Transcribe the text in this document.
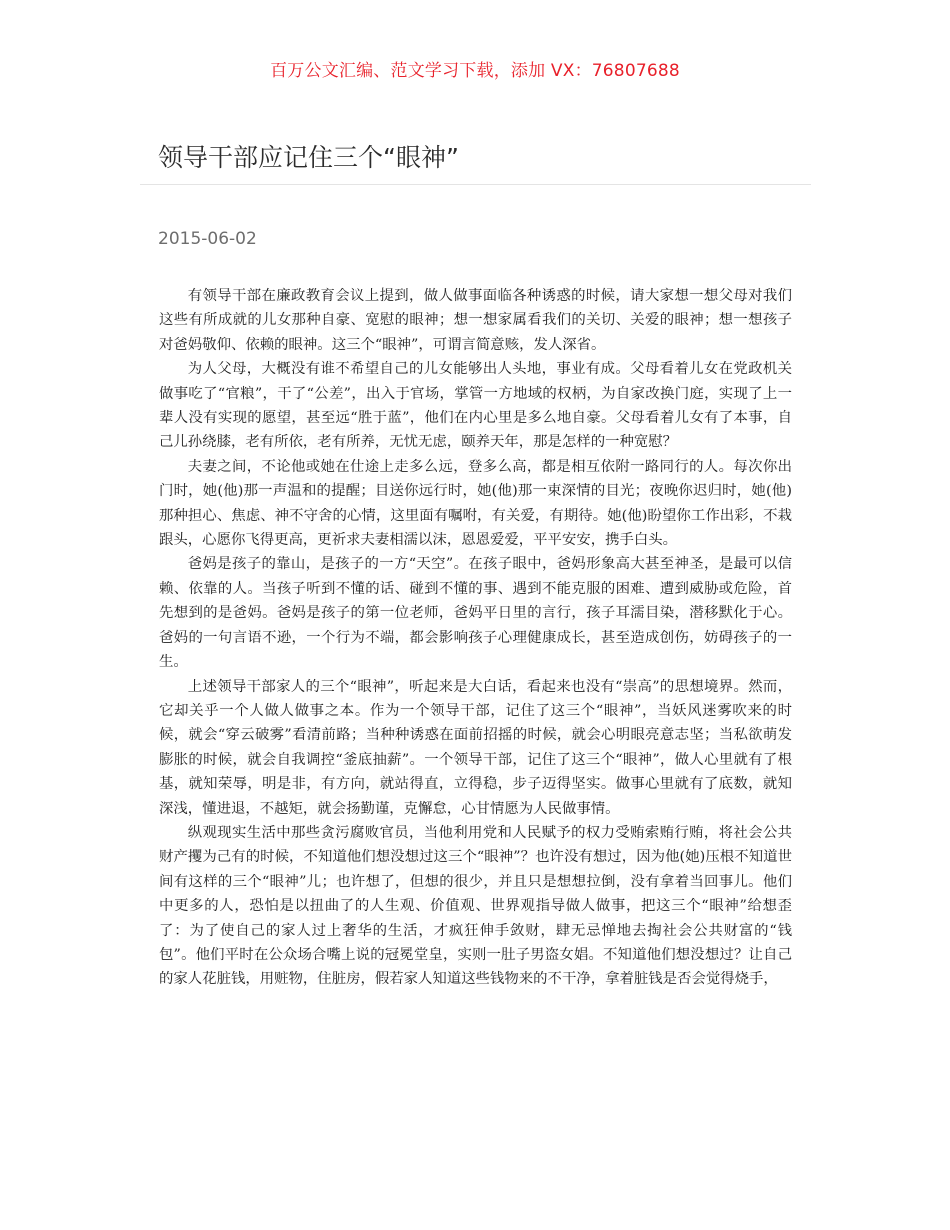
百万公文汇编、范文学习下载，添加 VX：76807688
领导干部应记住三个“眼神”
2015-06-02

有领导干部在廉政教育会议上提到，做人做事面临各种诱惑的时候，请大家想一想父母对我们这些有所成就的儿女那种自豪、宽慰的眼神；想一想家属看我们的关切、关爱的眼神；想一想孩子对爸妈敬仰、依赖的眼神。这三个“眼神”，可谓言简意赅，发人深省。

为人父母，大概没有谁不希望自己的儿女能够出人头地，事业有成。父母看着儿女在党政机关做事吃了“官粮”，干了“公差”，出入于官场，掌管一方地域的权柄，为自家改换门庭，实现了上一辈人没有实现的愿望，甚至远“胜于蓝”，他们在内心里是多么地自豪。父母看着儿女有了本事，自己儿孙绕膝，老有所依，老有所养，无忧无虑，颐养天年，那是怎样的一种宽慰？

夫妻之间，不论他或她在仕途上走多么远，登多么高，都是相互依附一路同行的人。每次你出门时，她(他)那一声温和的提醒；目送你远行时，她(他)那一束深情的目光；夜晚你迟归时，她(他)那种担心、焦虑、神不守舍的心情，这里面有嘱咐，有关爱，有期待。她(他)盼望你工作出彩，不栽跟头，心愿你飞得更高，更祈求夫妻相濡以沫，恩恩爱爱，平平安安，携手白头。

爸妈是孩子的靠山，是孩子的一方“天空”。在孩子眼中，爸妈形象高大甚至神圣，是最可以信赖、依靠的人。当孩子听到不懂的话、碰到不懂的事、遇到不能克服的困难、遭到威胁或危险，首先想到的是爸妈。爸妈是孩子的第一位老师，爸妈平日里的言行，孩子耳濡目染，潜移默化于心。爸妈的一句言语不逊，一个行为不端，都会影响孩子心理健康成长，甚至造成创伤，妨碍孩子的一生。

上述领导干部家人的三个“眼神”，听起来是大白话，看起来也没有“崇高”的思想境界。然而，它却关乎一个人做人做事之本。作为一个领导干部，记住了这三个“眼神”，当妖风迷雾吹来的时候，就会“穿云破雾”看清前路；当种种诱惑在面前招摇的时候，就会心明眼亮意志坚；当私欲萌发膨胀的时候，就会自我调控“釜底抽薪”。一个领导干部，记住了这三个“眼神”，做人心里就有了根基，就知荣辱，明是非，有方向，就站得直，立得稳，步子迈得坚实。做事心里就有了底数，就知深浅，懂进退，不越矩，就会扬勤谨，克懈怠，心甘情愿为人民做事情。

纵观现实生活中那些贪污腐败官员，当他利用党和人民赋予的权力受贿索贿行贿，将社会公共财产攫为己有的时候，不知道他们想没想过这三个“眼神”？也许没有想过，因为他(她)压根不知道世间有这样的三个“眼神”儿；也许想了，但想的很少，并且只是想想拉倒，没有拿着当回事儿。他们中更多的人，恐怕是以扭曲了的人生观、价值观、世界观指导做人做事，把这三个“眼神”给想歪了：为了使自己的家人过上奢华的生活，才疯狂伸手敛财，肆无忌惮地去掏社会公共财富的“钱包”。他们平时在公众场合嘴上说的冠冕堂皇，实则一肚子男盗女娼。不知道他们想没想过？让自己的家人花脏钱，用赃物，住脏房，假若家人知道这些钱物来的不干净，拿着脏钱是否会觉得烧手，
